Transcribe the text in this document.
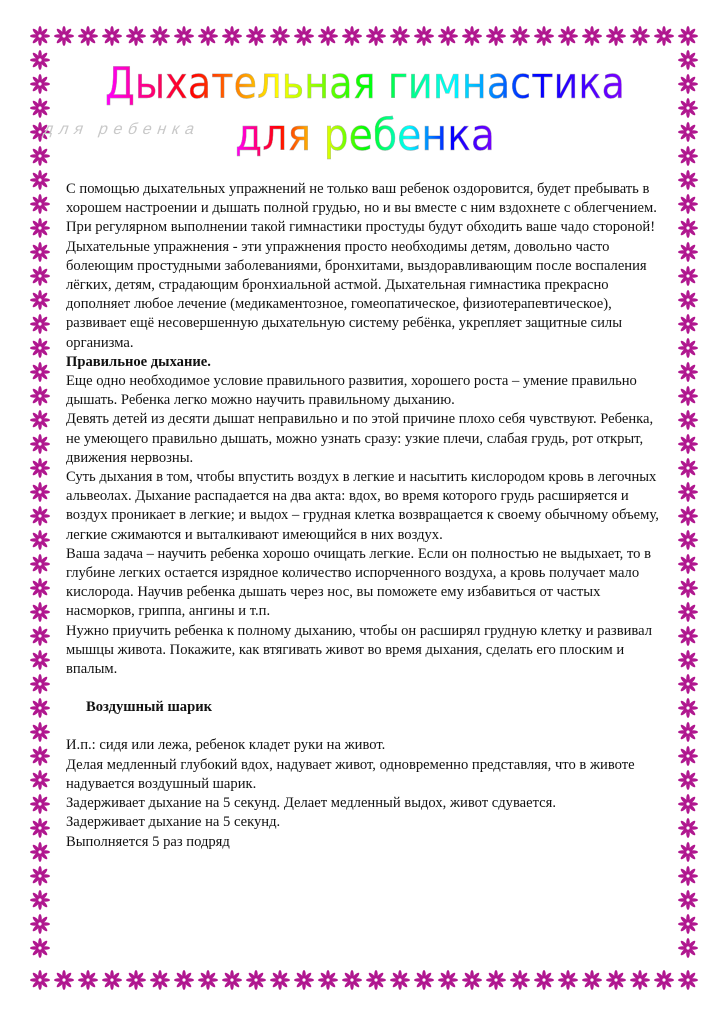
для ребенка
Дыхательная гимнастика
для ребенка

С помощью дыхательных упражнений не только ваш ребенок оздоровится, будет пребывать в хорошем настроении и дышать полной грудью, но и вы вместе с ним вздохнете с облегчением. При регулярном выполнении такой гимнастики простуды будут обходить ваше чадо стороной!

Дыхательные упражнения - эти упражнения просто необходимы детям, довольно часто болеющим простудными заболеваниями, бронхитами, выздоравливающим после воспаления лёгких, детям, страдающим бронхиальной астмой. Дыхательная гимнастика прекрасно дополняет любое лечение (медикаментозное, гомеопатическое, физиотерапевтическое), развивает ещё несовершенную дыхательную систему ребёнка, укрепляет защитные силы организма.

Правильное дыхание.

Еще одно необходимое условие правильного развития, хорошего роста – умение правильно дышать. Ребенка легко можно научить правильному дыханию.

Девять детей из десяти дышат неправильно и по этой причине плохо себя чувствуют. Ребенка, не умеющего правильно дышать, можно узнать сразу: узкие плечи, слабая грудь, рот открыт, движения нервозны.

Суть дыхания в том, чтобы впустить воздух в легкие и насытить кислородом кровь в легочных альвеолах. Дыхание распадается на два акта: вдох, во время которого грудь расширяется и воздух проникает в легкие; и выдох – грудная клетка возвращается к своему обычному объему, легкие сжимаются и выталкивают имеющийся в них воздух.

Ваша задача – научить ребенка хорошо очищать легкие. Если он полностью не выдыхает, то в глубине легких остается изрядное количество испорченного воздуха, а кровь получает мало кислорода. Научив ребенка дышать через нос, вы поможете ему избавиться от частых насморков, гриппа, ангины и т.п.

Нужно приучить ребенка к полному дыханию, чтобы он расширял грудную клетку и развивал мышцы живота. Покажите, как втягивать живот во время дыхания, сделать его плоским и впалым.

Воздушный шарик

И.п.: сидя или лежа, ребенок кладет руки на живот.

Делая медленный глубокий вдох, надувает живот, одновременно представляя, что в животе надувается воздушный шарик.

Задерживает дыхание на 5 секунд. Делает медленный выдох, живот сдувается.

Задерживает дыхание на 5 секунд.

Выполняется 5 раз подряд
